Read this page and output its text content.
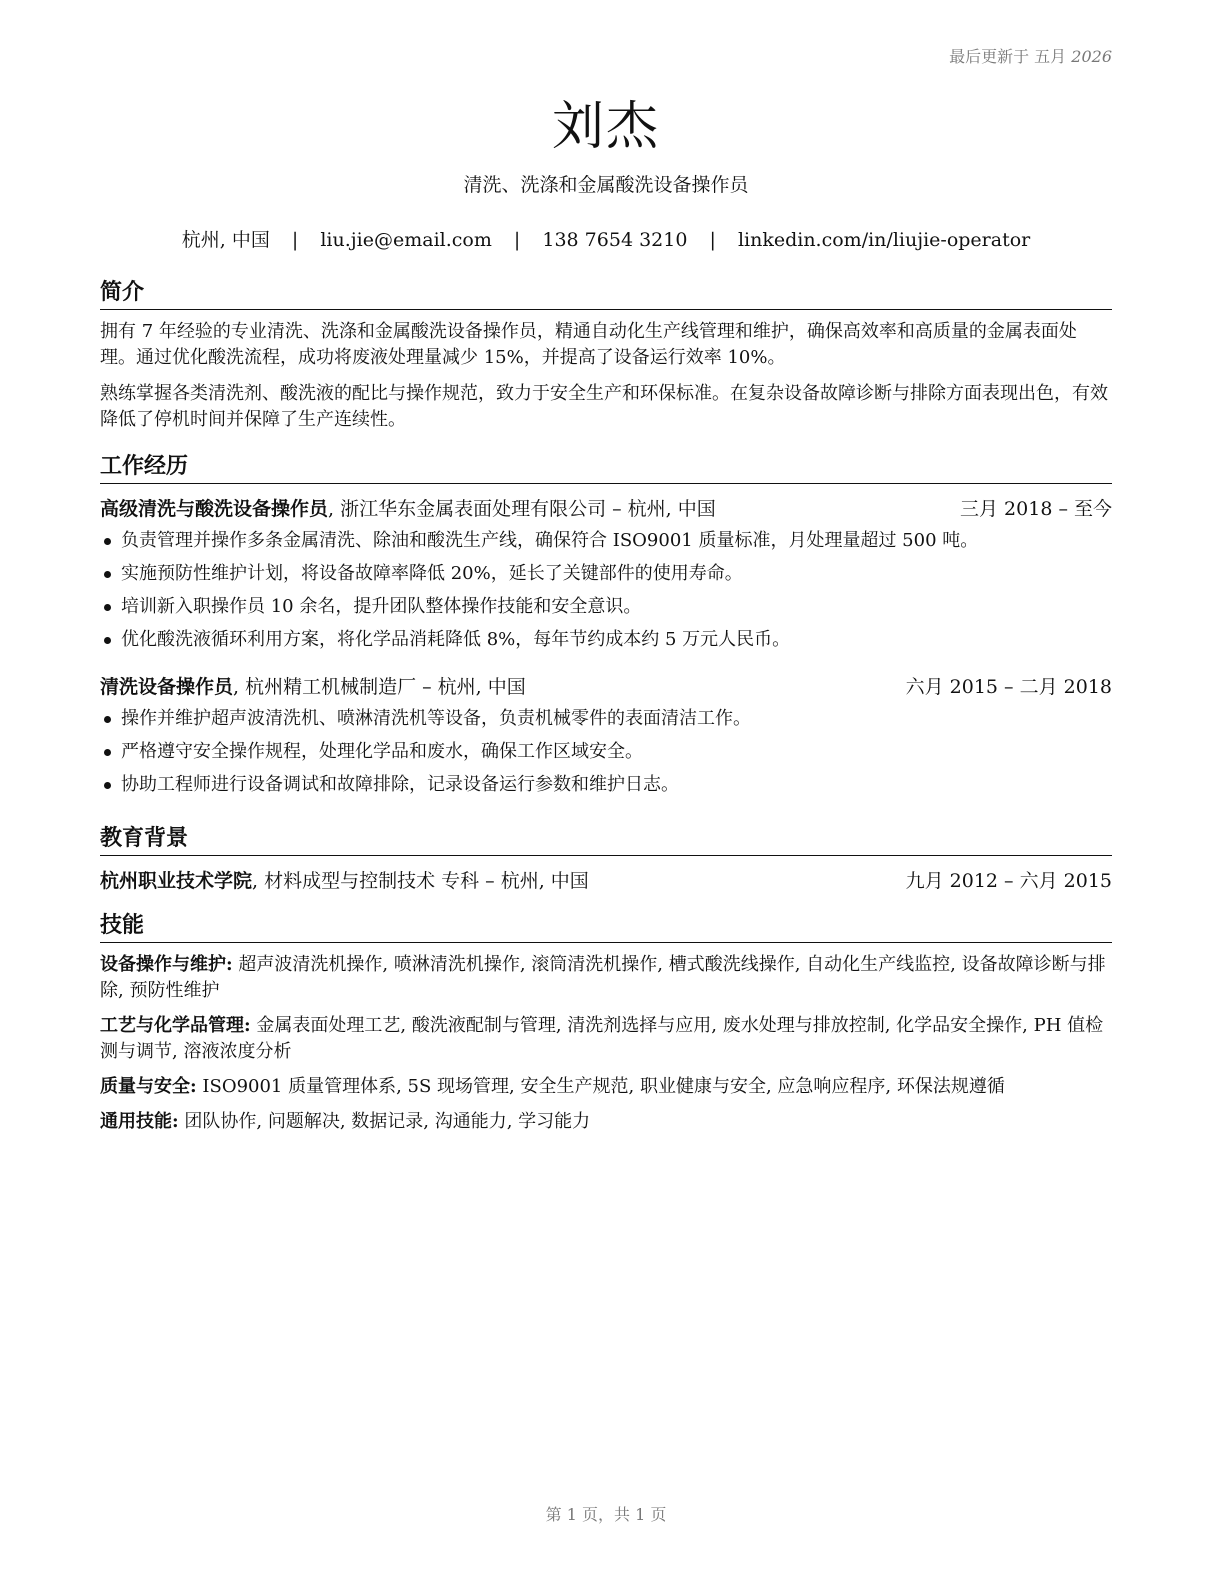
最后更新于 五月 2026
刘杰
清洗、洗涤和金属酸洗设备操作员
杭州, 中国 | liu.jie@email.com | 138 7654 3210 | linkedin.com/in/liujie-operator
简介

拥有 7 年经验的专业清洗、洗涤和金属酸洗设备操作员，精通自动化生产线管理和维护，确保高效率和高质量的金属表面处理。通过优化酸洗流程，成功将废液处理量减少 15%，并提高了设备运行效率 10%。

熟练掌握各类清洗剂、酸洗液的配比与操作规范，致力于安全生产和环保标准。在复杂设备故障诊断与排除方面表现出色，有效降低了停机时间并保障了生产连续性。

工作经历
高级清洗与酸洗设备操作员, 浙江华东金属表面处理有限公司 – 杭州, 中国	三月 2018 – 至今
负责管理并操作多条金属清洗、除油和酸洗生产线，确保符合 ISO9001 质量标准，月处理量超过 500 吨。
实施预防性维护计划，将设备故障率降低 20%，延长了关键部件的使用寿命。
培训新入职操作员 10 余名，提升团队整体操作技能和安全意识。
优化酸洗液循环利用方案，将化学品消耗降低 8%，每年节约成本约 5 万元人民币。
清洗设备操作员, 杭州精工机械制造厂 – 杭州, 中国	六月 2015 – 二月 2018
操作并维护超声波清洗机、喷淋清洗机等设备，负责机械零件的表面清洁工作。
严格遵守安全操作规程，处理化学品和废水，确保工作区域安全。
协助工程师进行设备调试和故障排除，记录设备运行参数和维护日志。
教育背景
杭州职业技术学院, 材料成型与控制技术 专科 – 杭州, 中国	九月 2012 – 六月 2015
技能
设备操作与维护: 超声波清洗机操作, 喷淋清洗机操作, 滚筒清洗机操作, 槽式酸洗线操作, 自动化生产线监控, 设备故障诊断与排除, 预防性维护
工艺与化学品管理: 金属表面处理工艺, 酸洗液配制与管理, 清洗剂选择与应用, 废水处理与排放控制, 化学品安全操作, PH 值检测与调节, 溶液浓度分析
质量与安全: ISO9001 质量管理体系, 5S 现场管理, 安全生产规范, 职业健康与安全, 应急响应程序, 环保法规遵循
通用技能: 团队协作, 问题解决, 数据记录, 沟通能力, 学习能力
第 1 页，共 1 页
